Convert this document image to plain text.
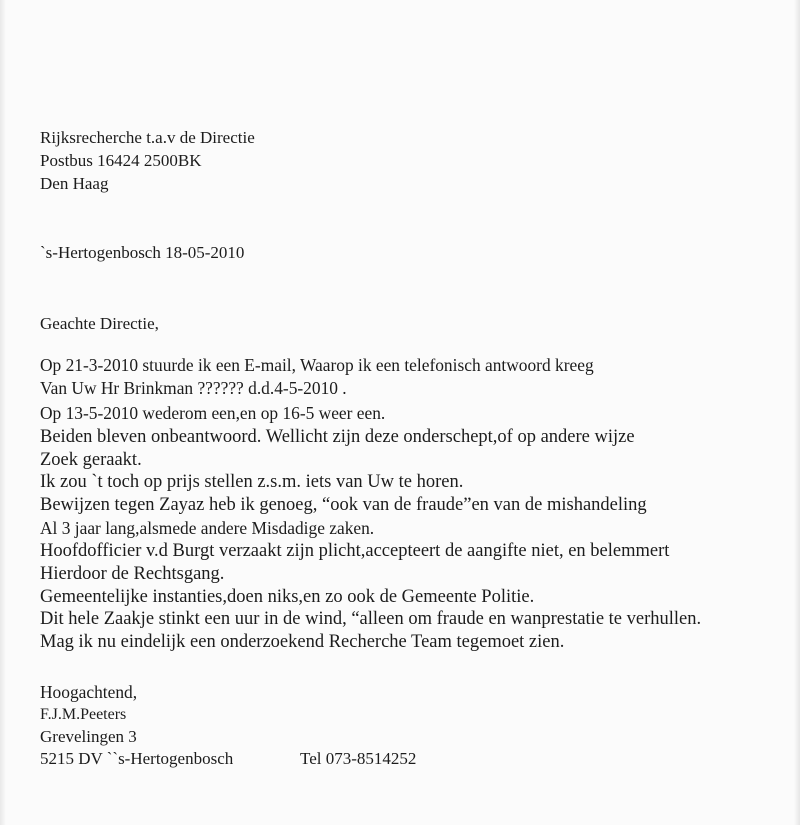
Rijksrecherche t.a.v de Directie
Postbus 16424 2500BK
Den Haag
`s-Hertogenbosch 18-05-2010
Geachte Directie,
Op 21-3-2010 stuurde ik een E-mail, Waarop ik een telefonisch antwoord kreeg
Van Uw Hr Brinkman ?????? d.d.4-5-2010 .
Op 13-5-2010 wederom een,en op 16-5 weer een.
Beiden bleven onbeantwoord. Wellicht zijn deze onderschept,of op andere wijze
Zoek geraakt.
Ik zou `t toch op prijs stellen z.s.m. iets van Uw te horen.
Bewijzen tegen Zayaz heb ik genoeg, “ook van de fraude”en van de mishandeling
Al 3 jaar lang,alsmede andere Misdadige zaken.
Hoofdofficier v.d Burgt verzaakt zijn plicht,accepteert de aangifte niet, en belemmert
Hierdoor de Rechtsgang.
Gemeentelijke instanties,doen niks,en zo ook de Gemeente Politie.
Dit hele Zaakje stinkt een uur in de wind, “alleen om fraude en wanprestatie te verhullen.
Mag ik nu eindelijk een onderzoekend Recherche Team tegemoet zien.
Hoogachtend,
F.J.M.Peeters
Grevelingen 3
5215 DV ``s-Hertogenbosch	Tel 073-8514252
